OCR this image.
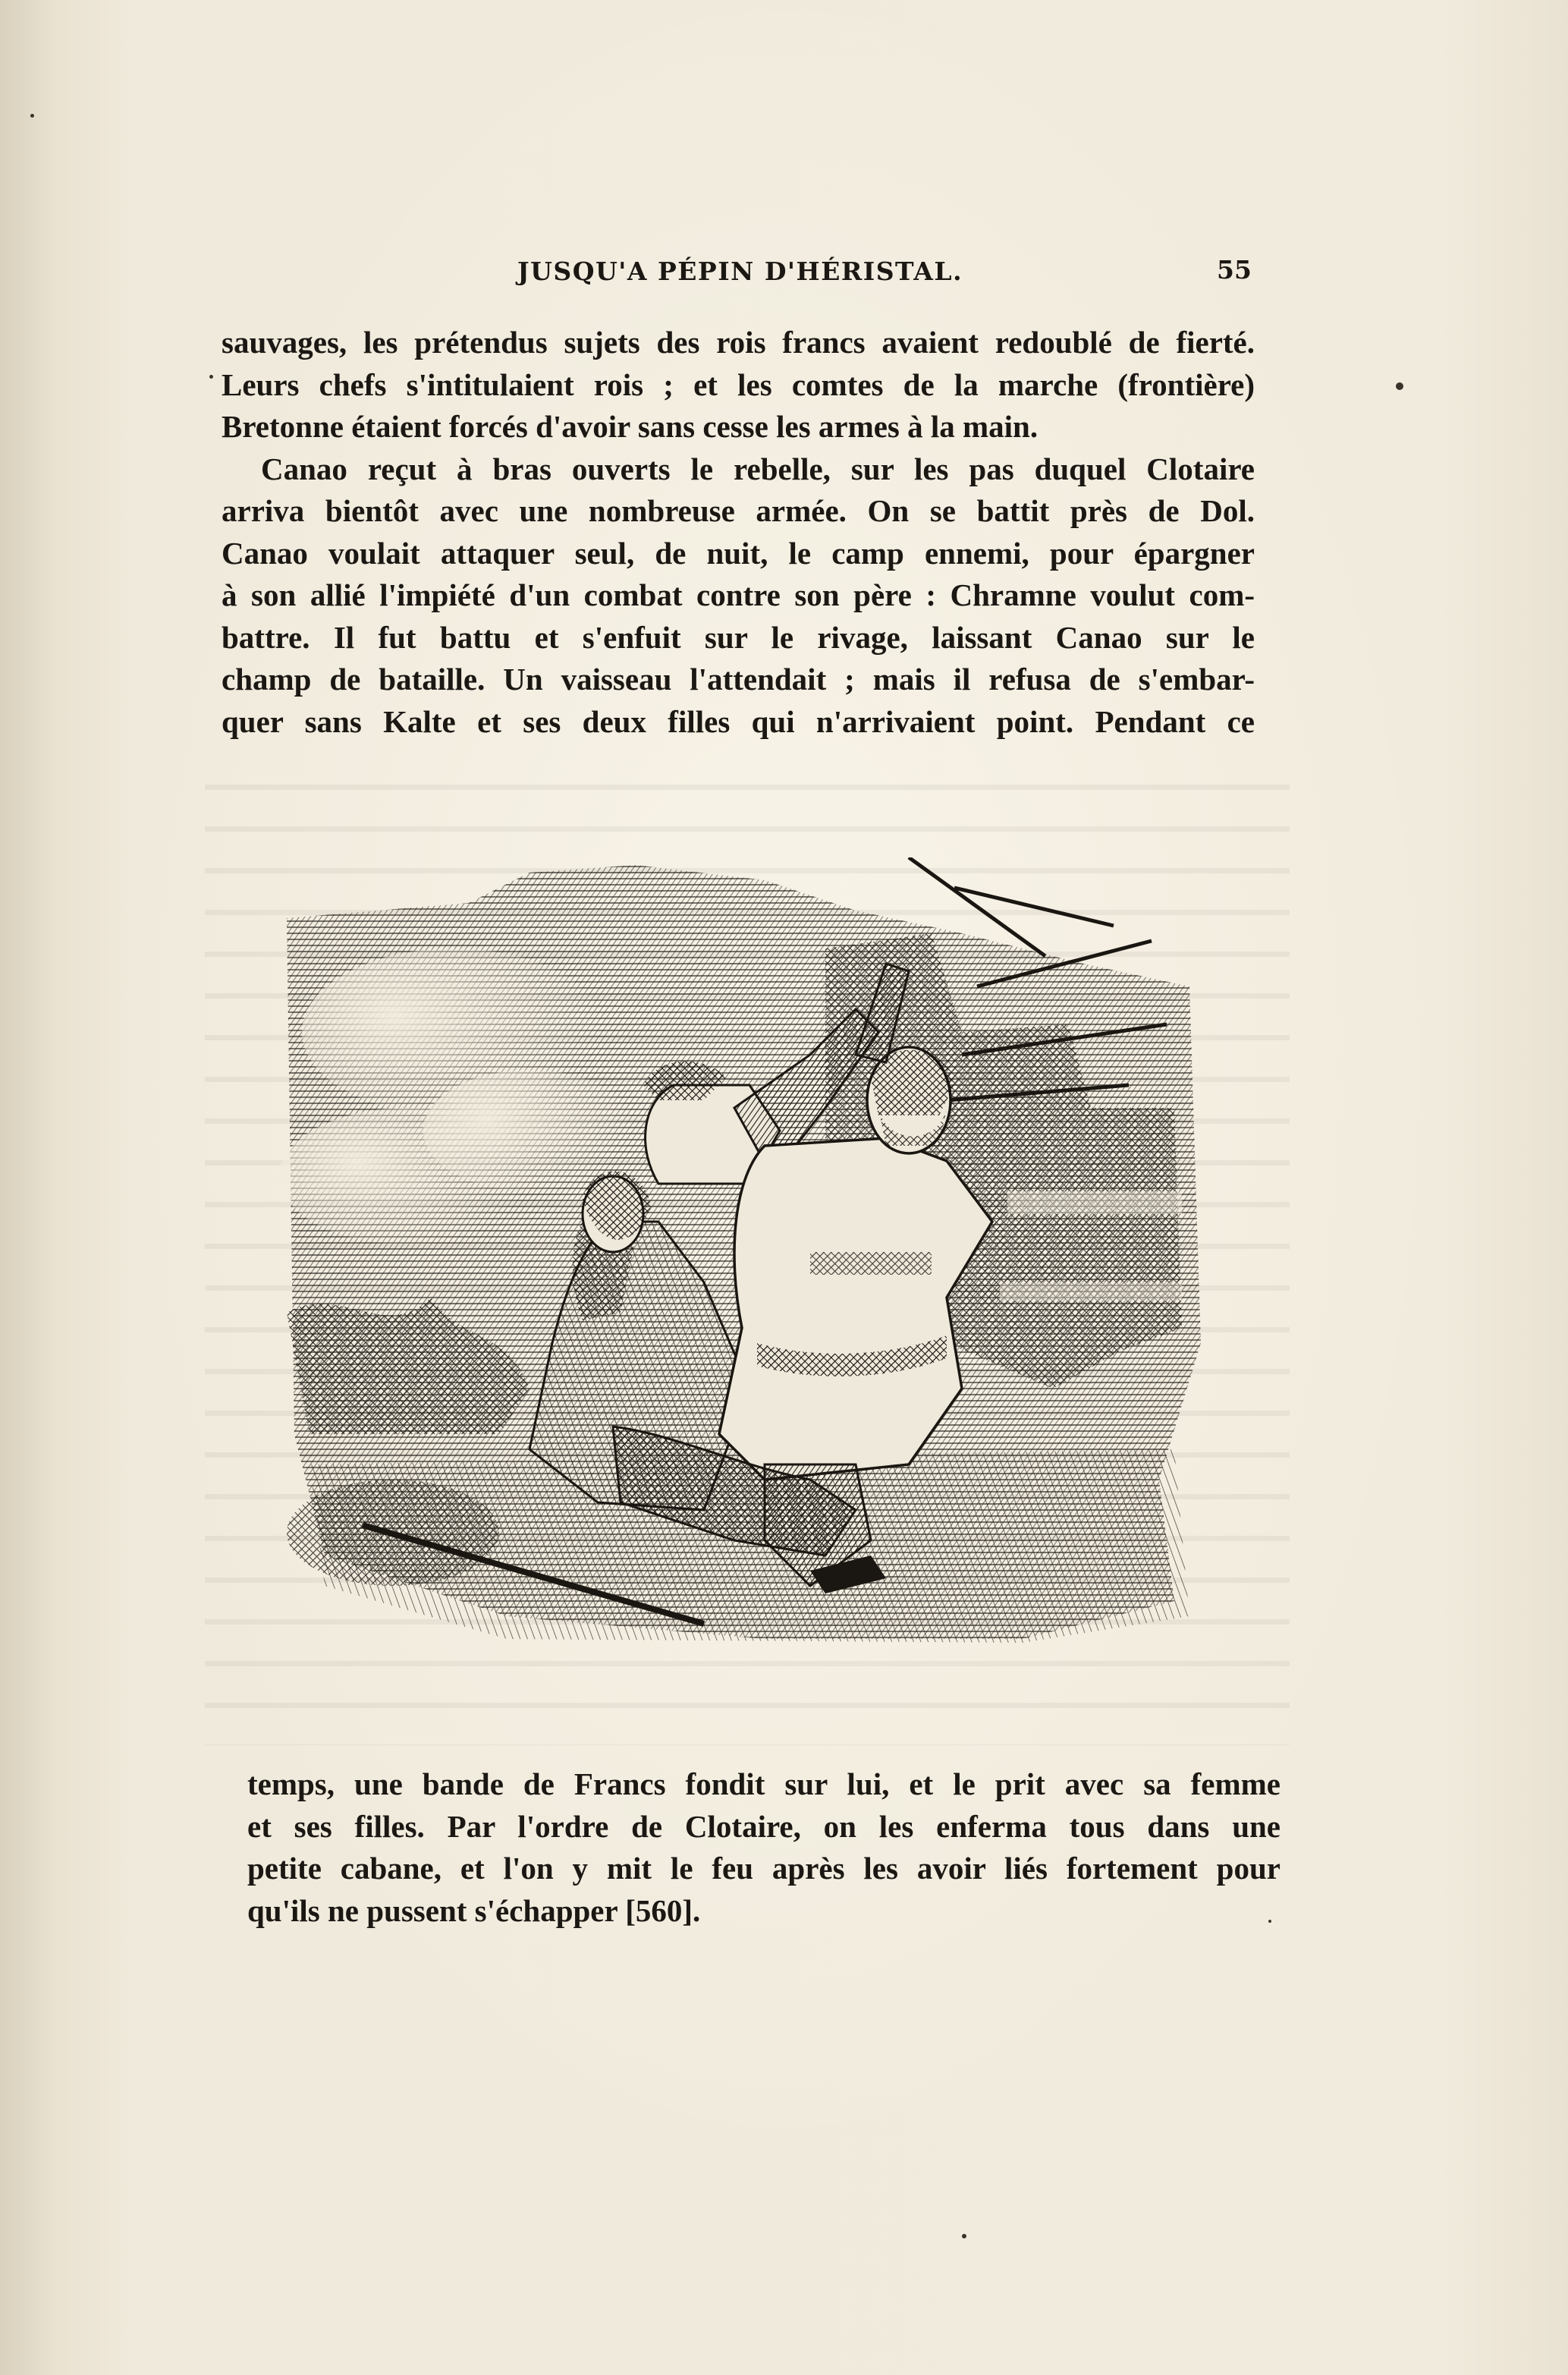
JUSQU'A PÉPIN D'HÉRISTAL.	55
sauvages, les prétendus sujets des rois francs avaient redoublé de fierté.
Leurs chefs s'intitulaient rois ; et les comtes de la marche (frontière)
Bretonne étaient forcés d'avoir sans cesse les armes à la main.
Canao reçut à bras ouverts le rebelle, sur les pas duquel Clotaire
arriva bientôt avec une nombreuse armée. On se battit près de Dol.
Canao voulait attaquer seul, de nuit, le camp ennemi, pour épargner
à son allié l'impiété d'un combat contre son père : Chramne voulut com-
battre. Il fut battu et s'enfuit sur le rivage, laissant Canao sur le
champ de bataille. Un vaisseau l'attendait ; mais il refusa de s'embar-
quer sans Kalte et ses deux filles qui n'arrivaient point. Pendant ce
temps, une bande de Francs fondit sur lui, et le prit avec sa femme
et ses filles. Par l'ordre de Clotaire, on les enferma tous dans une
petite cabane, et l'on y mit le feu après les avoir liés fortement pour
qu'ils ne pussent s'échapper [560].
